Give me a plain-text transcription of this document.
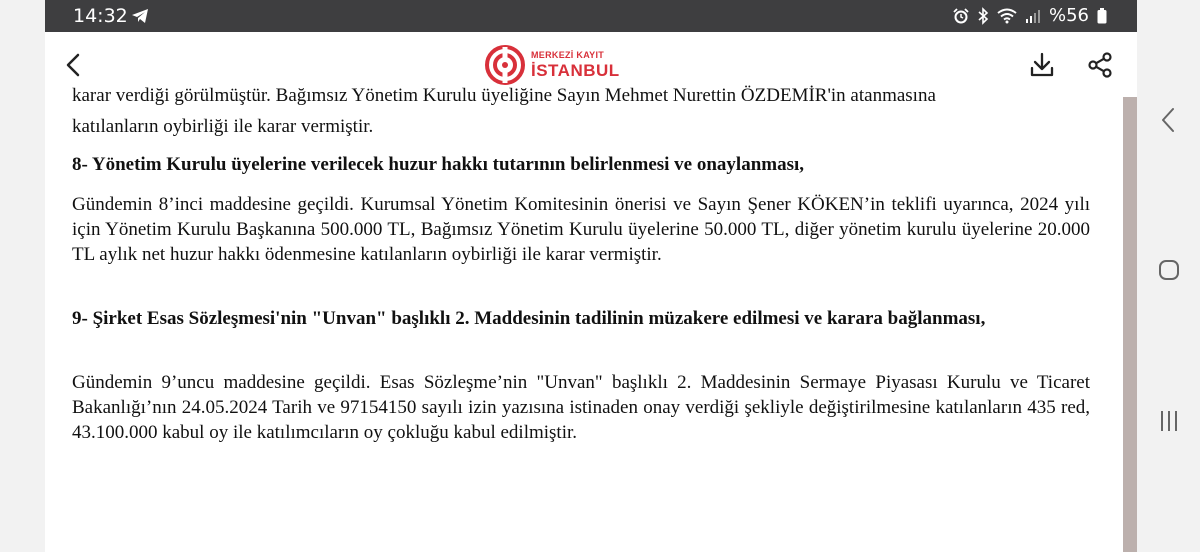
14:32	%56
MERKEZİ KAYIT
İSTANBUL
karar verdiği görülmüştür. Bağımsız Yönetim Kurulu üyeliğine Sayın Mehmet Nurettin ÖZDEMİR'in atanmasına
katılanların oybirliği ile karar vermiştir.
8- Yönetim Kurulu üyelerine verilecek huzur hakkı tutarının belirlenmesi ve onaylanması,
Gündemin 8’inci maddesine geçildi. Kurumsal Yönetim Komitesinin önerisi ve Sayın Şener KÖKEN’in teklifi uyarınca, 2024 yılı için Yönetim Kurulu Başkanına 500.000 TL, Bağımsız Yönetim Kurulu üyelerine 50.000 TL, diğer yönetim kurulu üyelerine 20.000 TL aylık net huzur hakkı ödenmesine katılanların oybirliği ile karar vermiştir.
9- Şirket Esas Sözleşmesi'nin "Unvan" başlıklı 2. Maddesinin tadilinin müzakere edilmesi ve karara bağlanması,
Gündemin 9’uncu maddesine geçildi. Esas Sözleşme’nin "Unvan" başlıklı 2. Maddesinin Sermaye Piyasası Kurulu ve Ticaret Bakanlığı’nın 24.05.2024 Tarih ve 97154150 sayılı izin yazısına istinaden onay verdiği şekliyle değiştirilmesine katılanların 435 red, 43.100.000 kabul oy ile katılımcıların oy çokluğu kabul edilmiştir.
